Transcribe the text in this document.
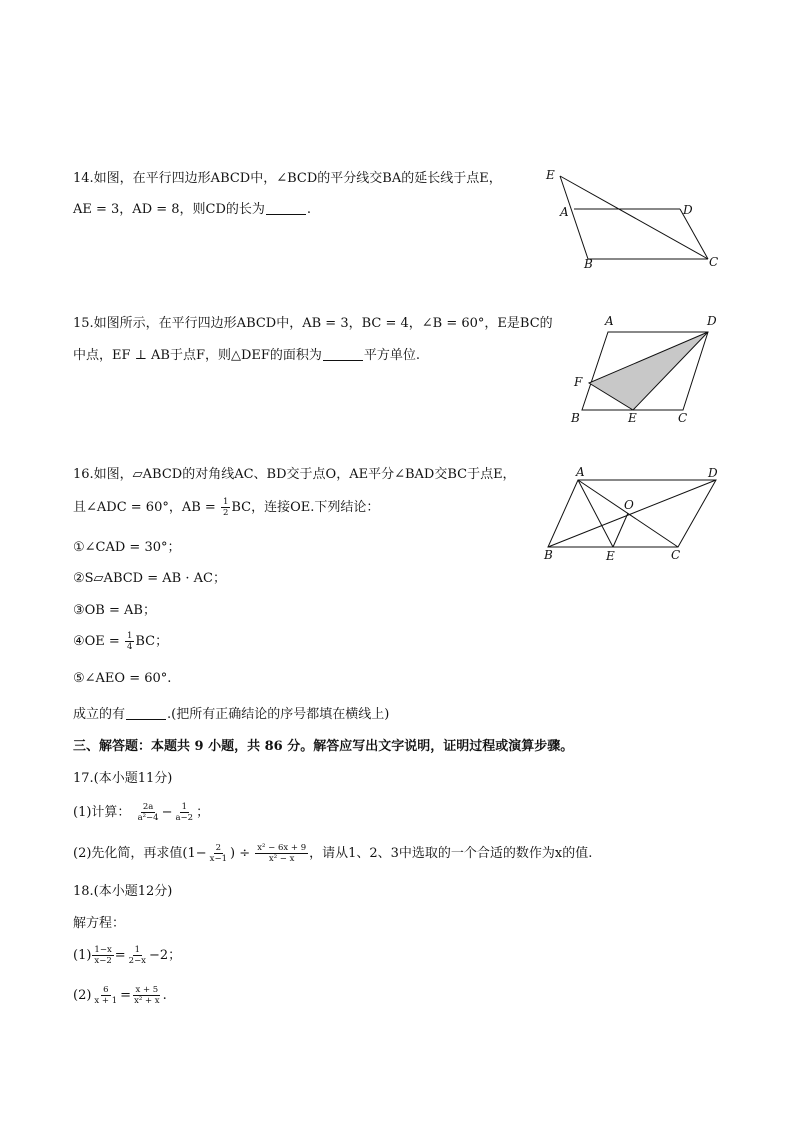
14.如图，在平行四边形ABCD中，∠BCD的平分线交BA的延长线于点E，
AE = 3，AD = 8，则CD的长为	.
E
A	D
B	C
15.如图所示，在平行四边形ABCD中，AB = 3，BC = 4，∠B = 60°，E是BC的
中点，EF ⊥ AB于点F，则△DEF的面积为	平方单位.
A	D
F
B	E	C
16.如图，▱ABCD的对角线AC、BD交于点O，AE平分∠BAD交BC于点E，
且∠ADC = 60°，AB = $\frac{1}{2}$ BC，连接OE.下列结论：
①∠CAD = 30°；
②S▱ABCD = AB · AC；
③OB = AB；
④OE = $\frac{1}{4}$ BC；
⑤∠AEO = 60°.
成立的有	.(把所有正确结论的序号都填在横线上)
A	D
O
B	E	C
三、解答题：本题共 9 小题，共 86 分。解答应写出文字说明，证明过程或演算步骤。
17.(本小题11分)
(1)计算： $\frac{2a}{\text{a²−4}} - \frac{1}{a-2}$ ；
(2)先化简，再求值($1- \frac{2}{x-1}$ ) ÷ $\frac{\text{x² − 6x + 9}}{\text{x² − x}}$ ，请从1、2、3中选取的一个合适的数作为x的值.
18.(本小题12分)
解方程：
$(1) \frac{1-x}{x-2} = \frac{1}{2-x} -2$；
$(2) \frac{6}{x + 1} = \frac{x + 5}{\text{x² + x}}$ .
